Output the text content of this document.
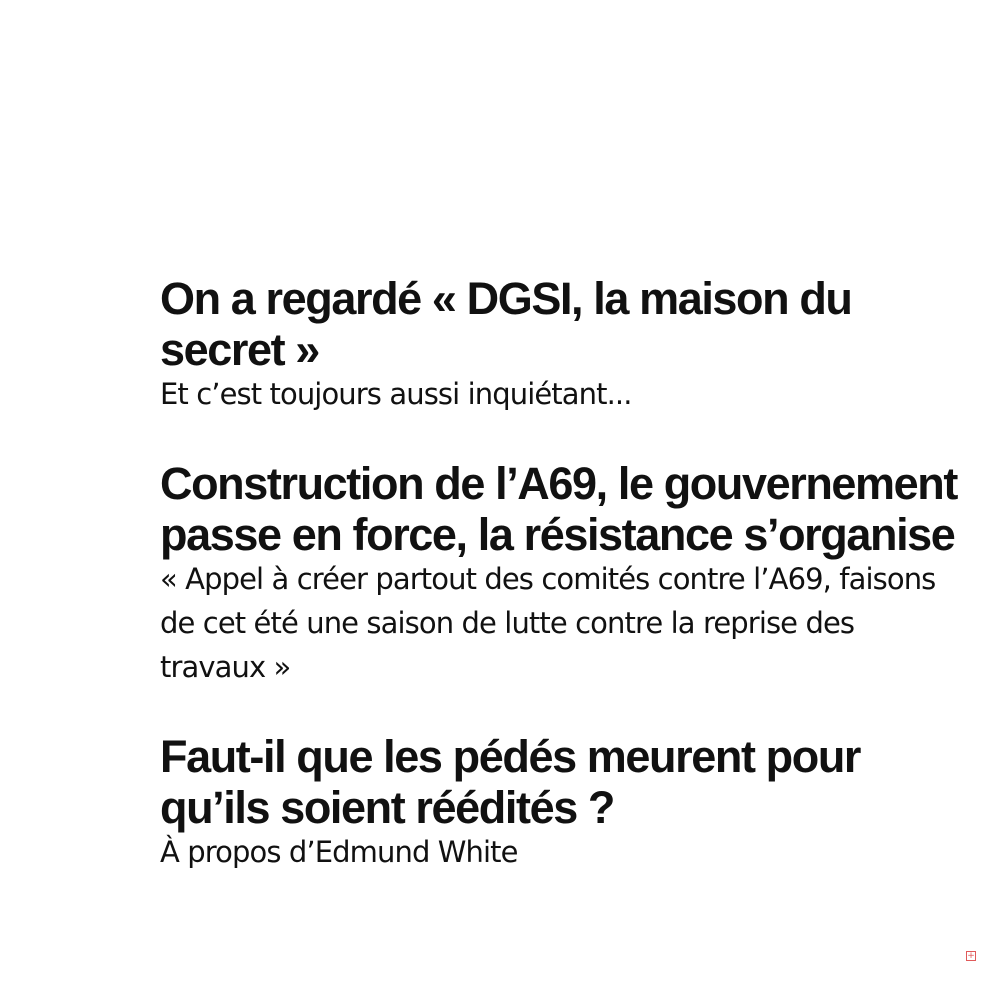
On a regardé « DGSI, la maison du secret »

Et c’est toujours aussi inquiétant...

Construction de l’A69, le gouvernement passe en force, la résistance s’organise

« Appel à créer partout des comités contre l’A69, faisons de cet été une saison de lutte contre la reprise des travaux »

Faut-il que les pédés meurent pour qu’ils soient réédités ?

À propos d’Edmund White

+
